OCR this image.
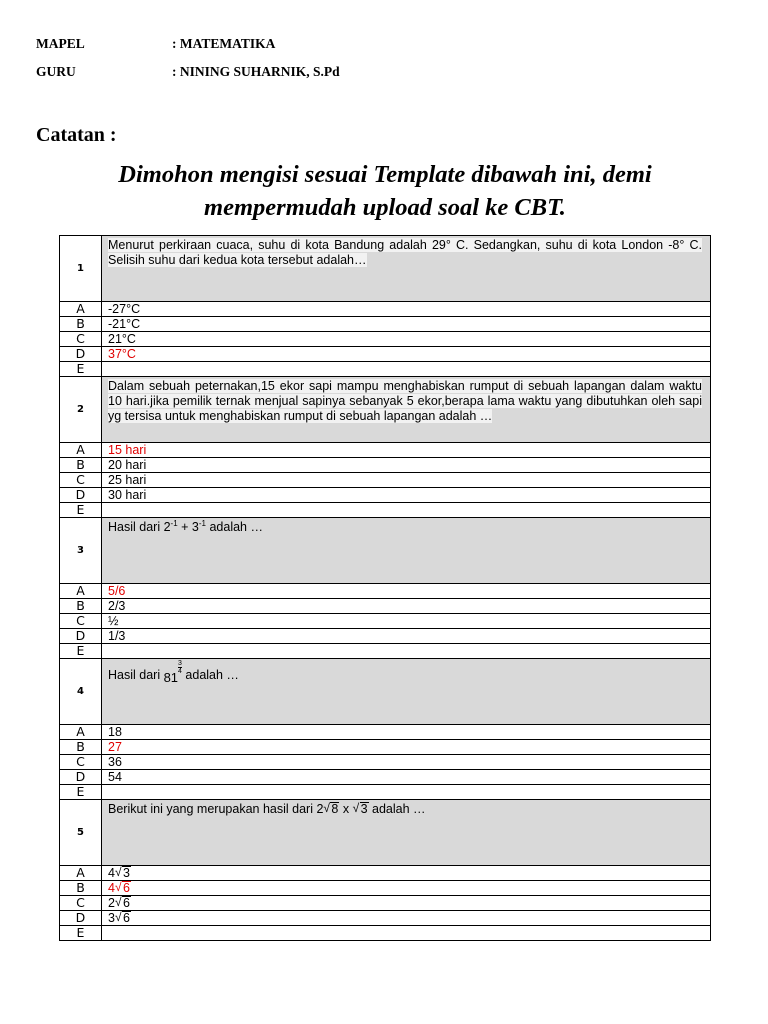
MAPEL	: MATEMATIKA
GURU	: NINING SUHARNIK, S.Pd
Catatan :
Dimohon mengisi sesuai Template dibawah ini, demi mempermudah upload soal ke CBT.
1	Menurut perkiraan cuaca, suhu di kota Bandung adalah 29° C. Sedangkan, suhu di kota London -8° C. Selisih suhu dari kedua kota tersebut adalah…
A	-27°C
B	-21°C
C	21°C
D	37°C
E	
2	Dalam sebuah peternakan,15 ekor sapi mampu menghabiskan rumput di sebuah lapangan dalam waktu 10 hari.jika pemilik ternak menjual sapinya sebanyak 5 ekor,berapa lama waktu yang dibutuhkan oleh sapi yg tersisa untuk menghabiskan rumput di sebuah lapangan adalah …
A	15 hari
B	20 hari
C	25 hari
D	30 hari
E	
3	Hasil dari $2^{-1} + 3^{-1}$ adalah …
A	5/6
B	2/3
C	½
D	1/3
E	
4	Hasil dari 81
$\frac{3}{4}$ adalah …
A	18
B	27
C	36
D	54
E	
5	Berikut ini yang merupakan hasil dari 2 √ 8 x √ 3 adalah …
A	4 √ 3
B	4 √ 6
C	2 √ 6
D	3 √ 6
E	
